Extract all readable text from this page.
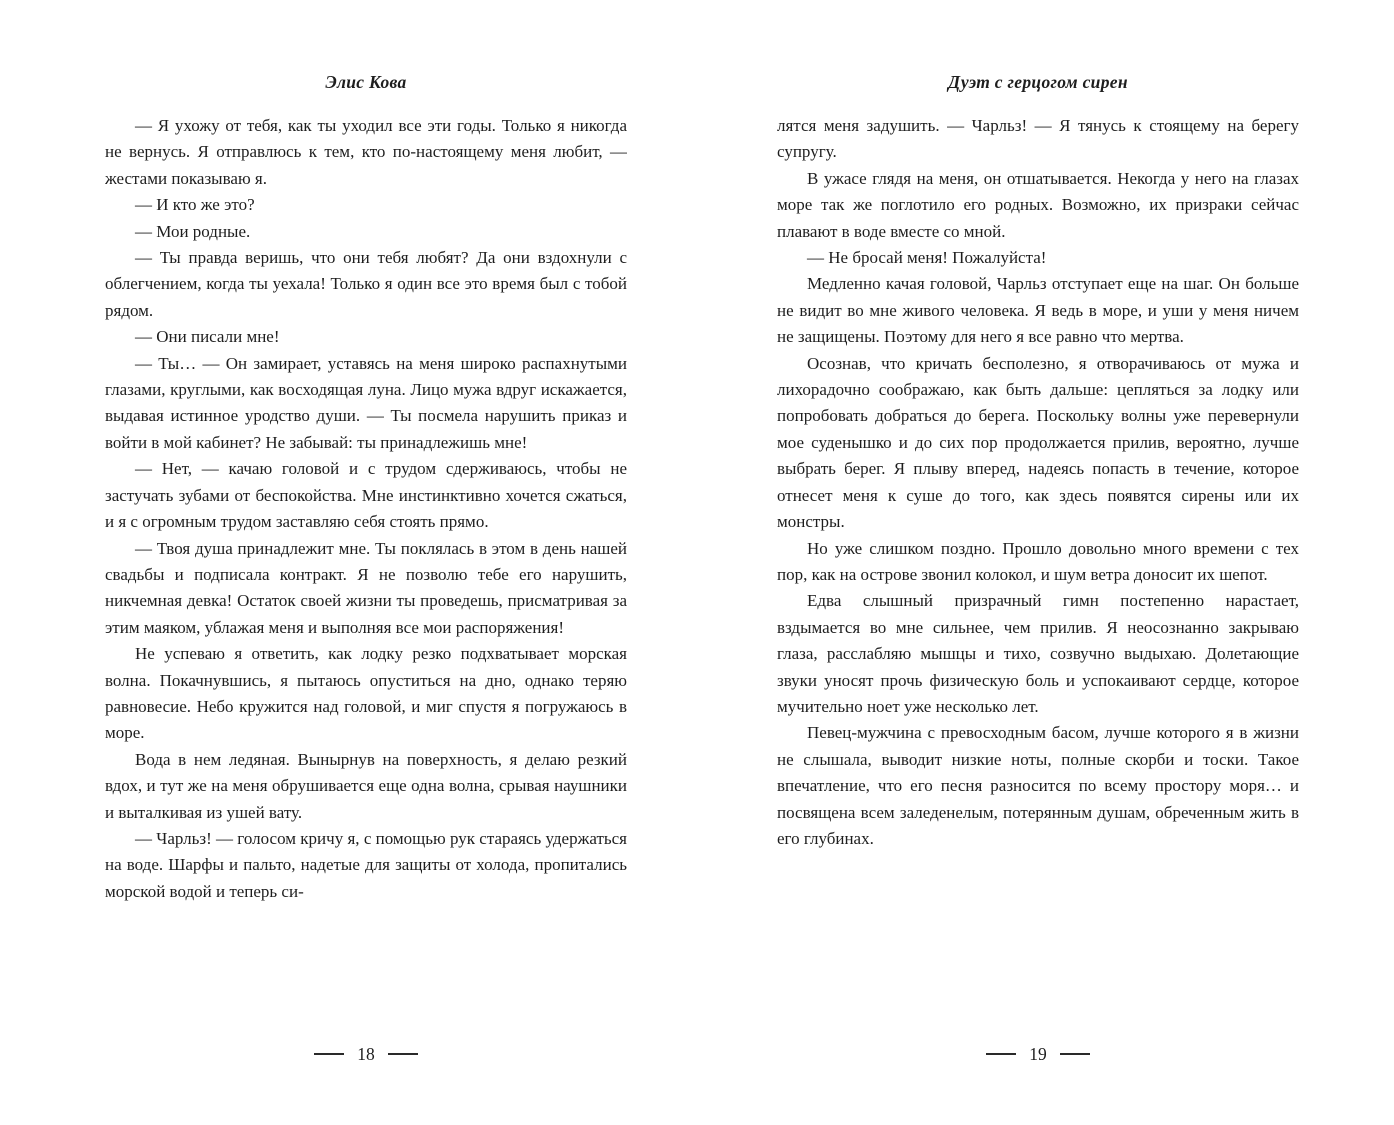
Элис Кова

— Я ухожу от тебя, как ты уходил все эти годы. Только я никогда не вернусь. Я отправлюсь к тем, кто по-настоящему меня любит, — жестами показываю я.

— И кто же это?

— Мои родные.

— Ты правда веришь, что они тебя любят? Да они вздохнули с облегчением, когда ты уехала! Только я один все это время был с тобой рядом.

— Они писали мне!

— Ты… — Он замирает, уставясь на меня широко распахнутыми глазами, круглыми, как восходящая луна. Лицо мужа вдруг искажается, выдавая истинное уродство души. — Ты посмела нарушить приказ и войти в мой кабинет? Не забывай: ты принадлежишь мне!

— Нет, — качаю головой и с трудом сдерживаюсь, чтобы не застучать зубами от беспокойства. Мне инстинктивно хочется сжаться, и я с огромным трудом заставляю себя стоять прямо.

— Твоя душа принадлежит мне. Ты поклялась в этом в день нашей свадьбы и подписала контракт. Я не позволю тебе его нарушить, никчемная девка! Остаток своей жизни ты проведешь, присматривая за этим маяком, ублажая меня и выполняя все мои распоряжения!

Не успеваю я ответить, как лодку резко подхватывает морская волна. Покачнувшись, я пытаюсь опуститься на дно, однако теряю равновесие. Небо кружится над головой, и миг спустя я погружаюсь в море.

Вода в нем ледяная. Вынырнув на поверхность, я делаю резкий вдох, и тут же на меня обрушивается еще одна волна, срывая наушники и выталкивая из ушей вату.

— Чарльз! — голосом кричу я, с помощью рук стараясь удержаться на воде. Шарфы и пальто, надетые для защиты от холода, пропитались морской водой и теперь си-

18
Дуэт с герцогом сирен

лятся меня задушить. — Чарльз! — Я тянусь к стоящему на берегу супругу.

В ужасе глядя на меня, он отшатывается. Некогда у него на глазах море так же поглотило его родных. Возможно, их призраки сейчас плавают в воде вместе со мной.

— Не бросай меня! Пожалуйста!

Медленно качая головой, Чарльз отступает еще на шаг. Он больше не видит во мне живого человека. Я ведь в море, и уши у меня ничем не защищены. Поэтому для него я все равно что мертва.

Осознав, что кричать бесполезно, я отворачиваюсь от мужа и лихорадочно соображаю, как быть дальше: цепляться за лодку или попробовать добраться до берега. Поскольку волны уже перевернули мое суденышко и до сих пор продолжается прилив, вероятно, лучше выбрать берег. Я плыву вперед, надеясь попасть в течение, которое отнесет меня к суше до того, как здесь появятся сирены или их монстры.

Но уже слишком поздно. Прошло довольно много времени с тех пор, как на острове звонил колокол, и шум ветра доносит их шепот.

Едва слышный призрачный гимн постепенно нарастает, вздымается во мне сильнее, чем прилив. Я неосознанно закрываю глаза, расслабляю мышцы и тихо, созвучно выдыхаю. Долетающие звуки уносят прочь физическую боль и успокаивают сердце, которое мучительно ноет уже несколько лет.

Певец-мужчина с превосходным басом, лучше которого я в жизни не слышала, выводит низкие ноты, полные скорби и тоски. Такое впечатление, что его песня разносится по всему простору моря… и посвящена всем заледенелым, потерянным душам, обреченным жить в его глубинах.

19
